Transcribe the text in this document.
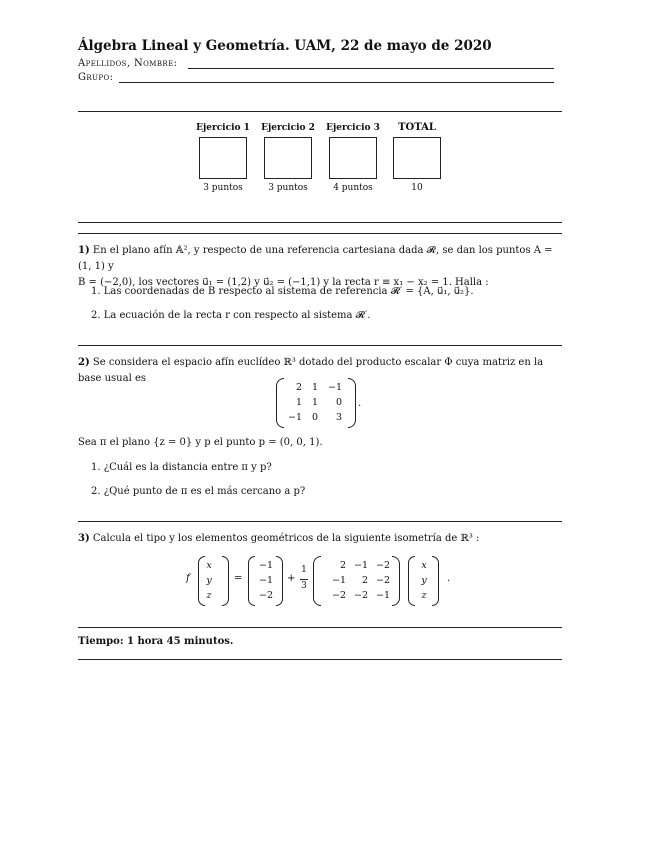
Álgebra Lineal y Geometría. UAM, 22 de mayo de 2020
Apellidos, Nombre:
Grupo:
Ejercicio 1	Ejercicio 2	Ejercicio 3	TOTAL
3 puntos	3 puntos	4 puntos	10
1) En el plano afín 𝔸², y respecto de una referencia cartesiana dada 𝓡, se dan los puntos A = (1, 1) y
B = (−2,0), los vectores u⃗₁ = (1,2) y u⃗₂ = (−1,1) y la recta r ≡ x₁ − x₂ = 1. Halla :
1. Las coordenadas de B respecto al sistema de referencia 𝓡′ = {A, u⃗₁, u⃗₂}.
2. La ecuación de la recta r con respecto al sistema 𝓡′.
2) Se considera el espacio afín euclídeo ℝ³ dotado del producto escalar Φ cuya matriz en la base usual es
2	1	−1
1	1	0
−1	0	3
.
Sea π el plano {z = 0} y p el punto p = (0, 0, 1).
1. ¿Cuál es la distancia entre π y p?
2. ¿Qué punto de π es el más cercano a p?
3) Calcula el tipo y los elementos geométricos de la siguiente isometría de ℝ³ :
f
x
y
z
=
−1
−1
−2
+
1
3
2 −1 −2
−1	2 −2
−2 −2 −1
x
y
z
.
Tiempo: 1 hora 45 minutos.
